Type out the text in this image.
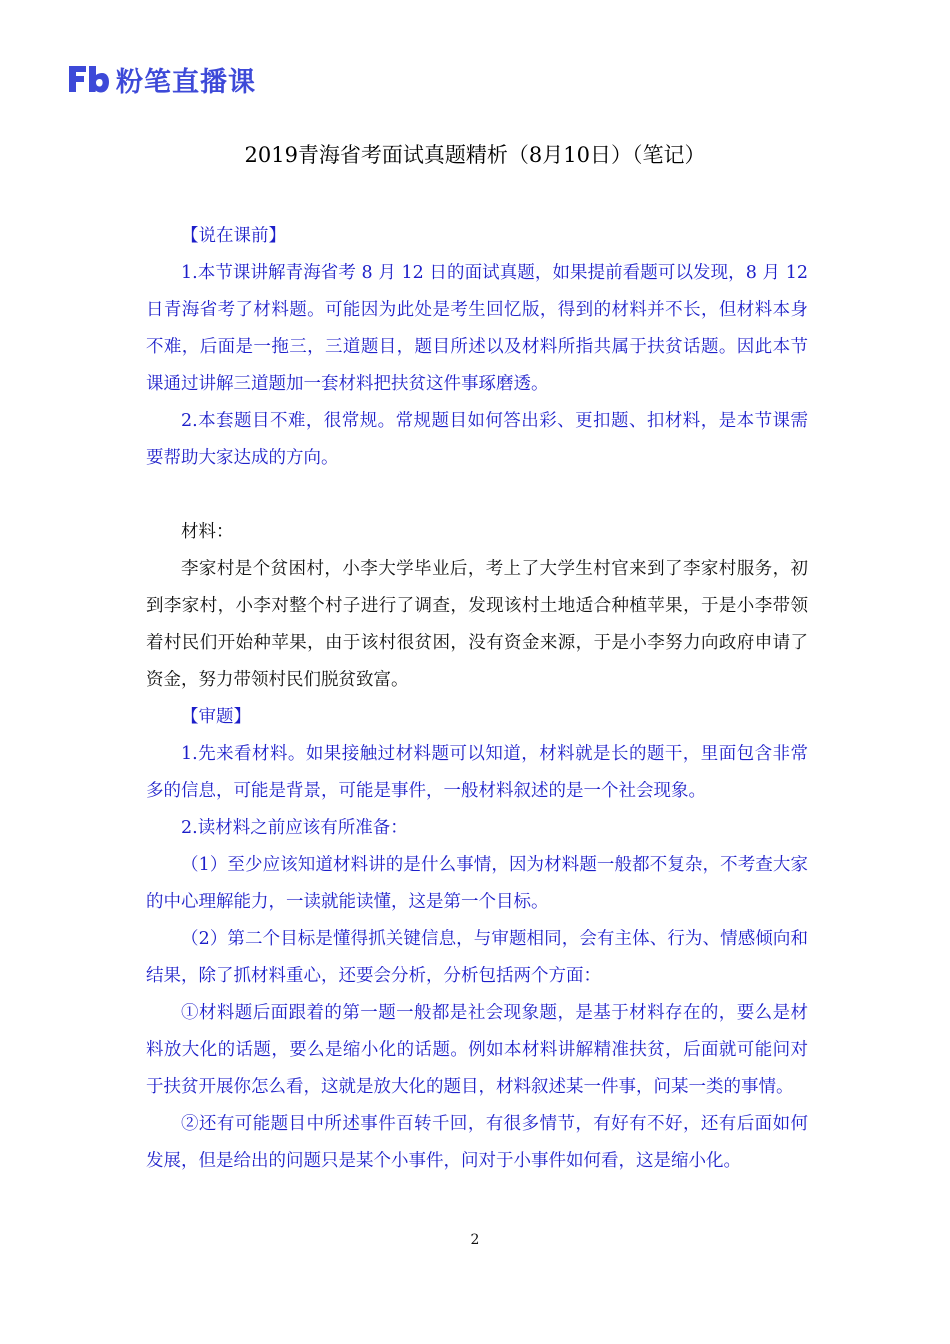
粉笔直播课
2019青海省考面试真题精析（8月10日）（笔记）

【说在课前】

1.本节课讲解青海省考 8 月 12 日的面试真题，如果提前看题可以发现，8 月 12 日青海省考了材料题。可能因为此处是考生回忆版，得到的材料并不长，但材料本身不难，后面是一拖三，三道题目，题目所述以及材料所指共属于扶贫话题。因此本节课通过讲解三道题加一套材料把扶贫这件事琢磨透。

2.本套题目不难，很常规。常规题目如何答出彩、更扣题、扣材料，是本节课需要帮助大家达成的方向。

材料：

李家村是个贫困村，小李大学毕业后，考上了大学生村官来到了李家村服务，初到李家村，小李对整个村子进行了调查，发现该村土地适合种植苹果，于是小李带领着村民们开始种苹果，由于该村很贫困，没有资金来源，于是小李努力向政府申请了资金，努力带领村民们脱贫致富。

【审题】

1.先来看材料。如果接触过材料题可以知道，材料就是长的题干，里面包含非常多的信息，可能是背景，可能是事件，一般材料叙述的是一个社会现象。

2.读材料之前应该有所准备：

（1）至少应该知道材料讲的是什么事情，因为材料题一般都不复杂，不考查大家的中心理解能力，一读就能读懂，这是第一个目标。

（2）第二个目标是懂得抓关键信息，与审题相同，会有主体、行为、情感倾向和结果，除了抓材料重心，还要会分析，分析包括两个方面：

①材料题后面跟着的第一题一般都是社会现象题，是基于材料存在的，要么是材料放大化的话题，要么是缩小化的话题。例如本材料讲解精准扶贫，后面就可能问对于扶贫开展你怎么看，这就是放大化的题目，材料叙述某一件事，问某一类的事情。

②还有可能题目中所述事件百转千回，有很多情节，有好有不好，还有后面如何发展，但是给出的问题只是某个小事件，问对于小事件如何看，这是缩小化。

2
